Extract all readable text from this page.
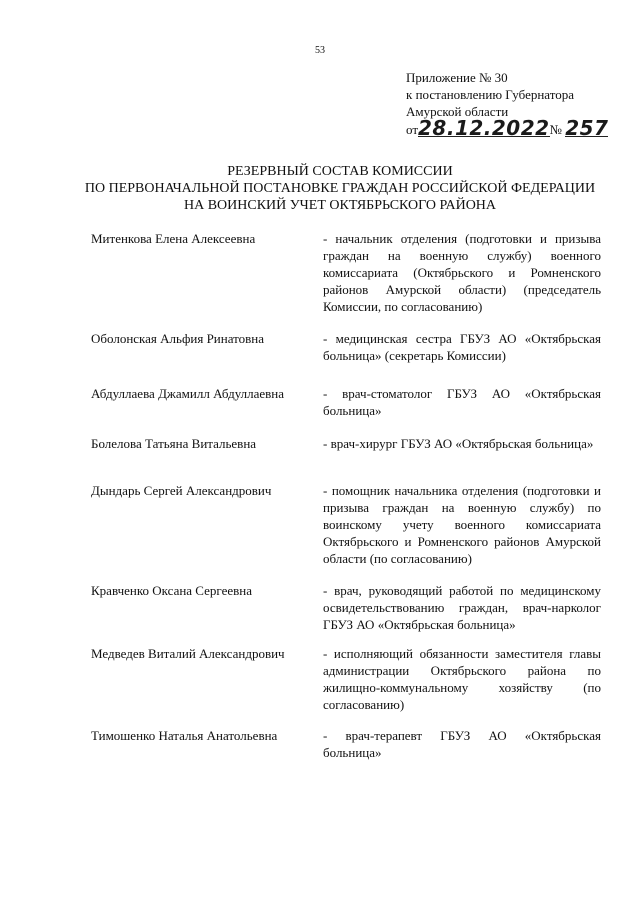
53
Приложение № 30
к постановлению Губернатора
Амурской области
от28.12.2022№ 257
РЕЗЕРВНЫЙ СОСТАВ КОМИССИИ
ПО ПЕРВОНАЧАЛЬНОЙ ПОСТАНОВКЕ ГРАЖДАН РОССИЙСКОЙ ФЕДЕРАЦИИ
НА ВОИНСКИЙ УЧЕТ ОКТЯБРЬСКОГО РАЙОНА
Митенкова Елена Алексеевна	- начальник отделения (подготовки и призыва граждан на военную службу) военного комиссариата (Октябрьского и Ромненского районов Амурской области) (председатель Комиссии, по согласованию)
Оболонская Альфия Ринатовна	- медицинская сестра ГБУЗ АО «Октябрьская больница» (секретарь Комиссии)
Абдуллаева Джамилл Абдуллаевна	- врач-стоматолог ГБУЗ АО «Октябрьская больница»
Болелова Татьяна Витальевна	- врач-хирург ГБУЗ АО «Октябрьская больница»
Дындарь Сергей Александрович	- помощник начальника отделения (подготовки и призыва граждан на военную службу) по воинскому учету военного комиссариата Октябрьского и Ромненского районов Амурской области (по согласованию)
Кравченко Оксана Сергеевна	- врач, руководящий работой по медицинскому освидетельствованию граждан, врач-нарколог ГБУЗ АО «Октябрьская больница»
Медведев Виталий Александрович	- исполняющий обязанности заместителя главы администрации Октябрьского района по жилищно-коммунальному хозяйству (по согласованию)
Тимошенко Наталья Анатольевна	- врач-терапевт ГБУЗ АО «Октябрьская больница»
